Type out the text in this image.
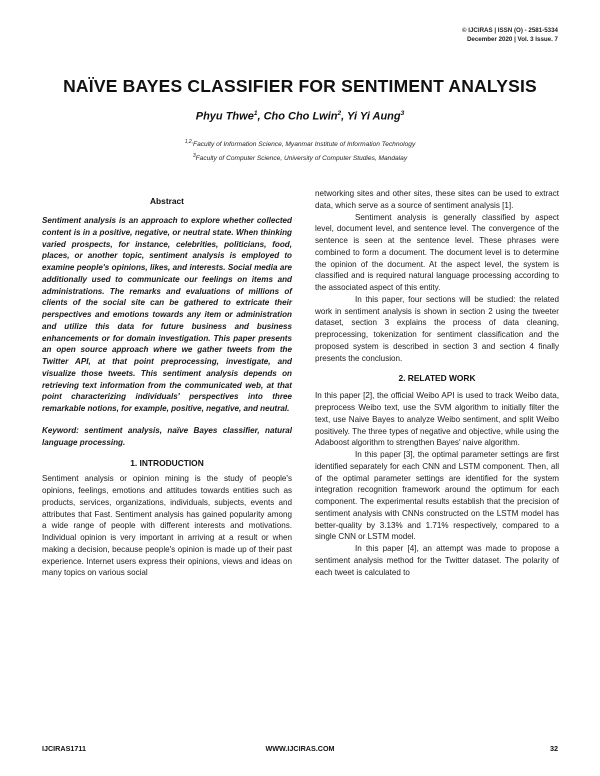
© IJCIRAS | ISSN (O) - 2581-5334
December 2020 | Vol. 3 Issue. 7
NAÏVE BAYES CLASSIFIER FOR SENTIMENT ANALYSIS
Phyu Thwe$^1$, Cho Cho Lwin$^2$, Yi Yi Aung$^3$
$^{1,2,}$Faculty of Information Science, Myanmar Institute of Information Technology
$^3$Faculty of Computer Science, University of Computer Studies, Mandalay
Abstract

Sentiment analysis is an approach to explore whether collected content is in a positive, negative, or neutral state. When thinking varied prospects, for instance, celebrities, politicians, food, places, or another topic, sentiment analysis is employed to examine people's opinions, likes, and interests. Social media are additionally used to communicate our feelings on items and administrations. The remarks and evaluations of millions of clients of the social site can be gathered to extricate their perspectives and emotions towards any item or administration and utilize this data for future business and business enhancements or for domain investigation. This paper presents an open source approach where we gather tweets from the Twitter API, at that point preprocessing, investigate, and visualize those tweets. This sentiment analysis depends on retrieving text information from the communicated web, at that point characterizing individuals' perspectives into three remarkable notions, for example, positive, negative, and neutral.

Keyword: sentiment analysis, naïve Bayes classifier, natural language processing.

1. INTRODUCTION

Sentiment analysis or opinion mining is the study of people's opinions, feelings, emotions and attitudes towards entities such as products, services, organizations, individuals, subjects, events and attributes that Fast. Sentiment analysis has gained popularity among a wide range of people with different interests and motivations. Individual opinion is very important in arriving at a result or when making a decision, because people's opinion is made up of their past experience. Internet users express their opinions, views and ideas on many topics on various social

networking sites and other sites, these sites can be used to extract data, which serve as a source of sentiment analysis [1].

Sentiment analysis is generally classified by aspect level, document level, and sentence level. The convergence of the sentence is seen at the sentence level. These phrases were combined to form a document. The document level is to determine the opinion of the document. At the aspect level, the system is classified and is required natural language processing according to the associated aspect of this entity.

In this paper, four sections will be studied: the related work in sentiment analysis is shown in section 2 using the tweeter dataset, section 3 explains the process of data cleaning, preprocessing, tokenization for sentiment classification and the proposed system is described in section 3 and section 4 finally presents the conclusion.

2. RELATED WORK

In this paper [2], the official Weibo API is used to track Weibo data, preprocess Weibo text, use the SVM algorithm to initially filter the text, use Naive Bayes to analyze Weibo sentiment, and split Weibo positively. The three types of negative and objective, while using the Adaboost algorithm to strengthen Bayes' naive algorithm.

In this paper [3], the optimal parameter settings are first identified separately for each CNN and LSTM component. Then, all of the optimal parameter settings are identified for the system integration recognition framework around the optimum for each component. The experimental results establish that the precision of sentiment analysis with CNNs constructed on the LSTM model has better-quality by 3.13% and 1.71% respectively, compared to a single CNN or LSTM model.

In this paper [4], an attempt was made to propose a sentiment analysis method for the Twitter dataset. The polarity of each tweet is calculated to

IJCIRAS1711	WWW.IJCIRAS.COM	32
